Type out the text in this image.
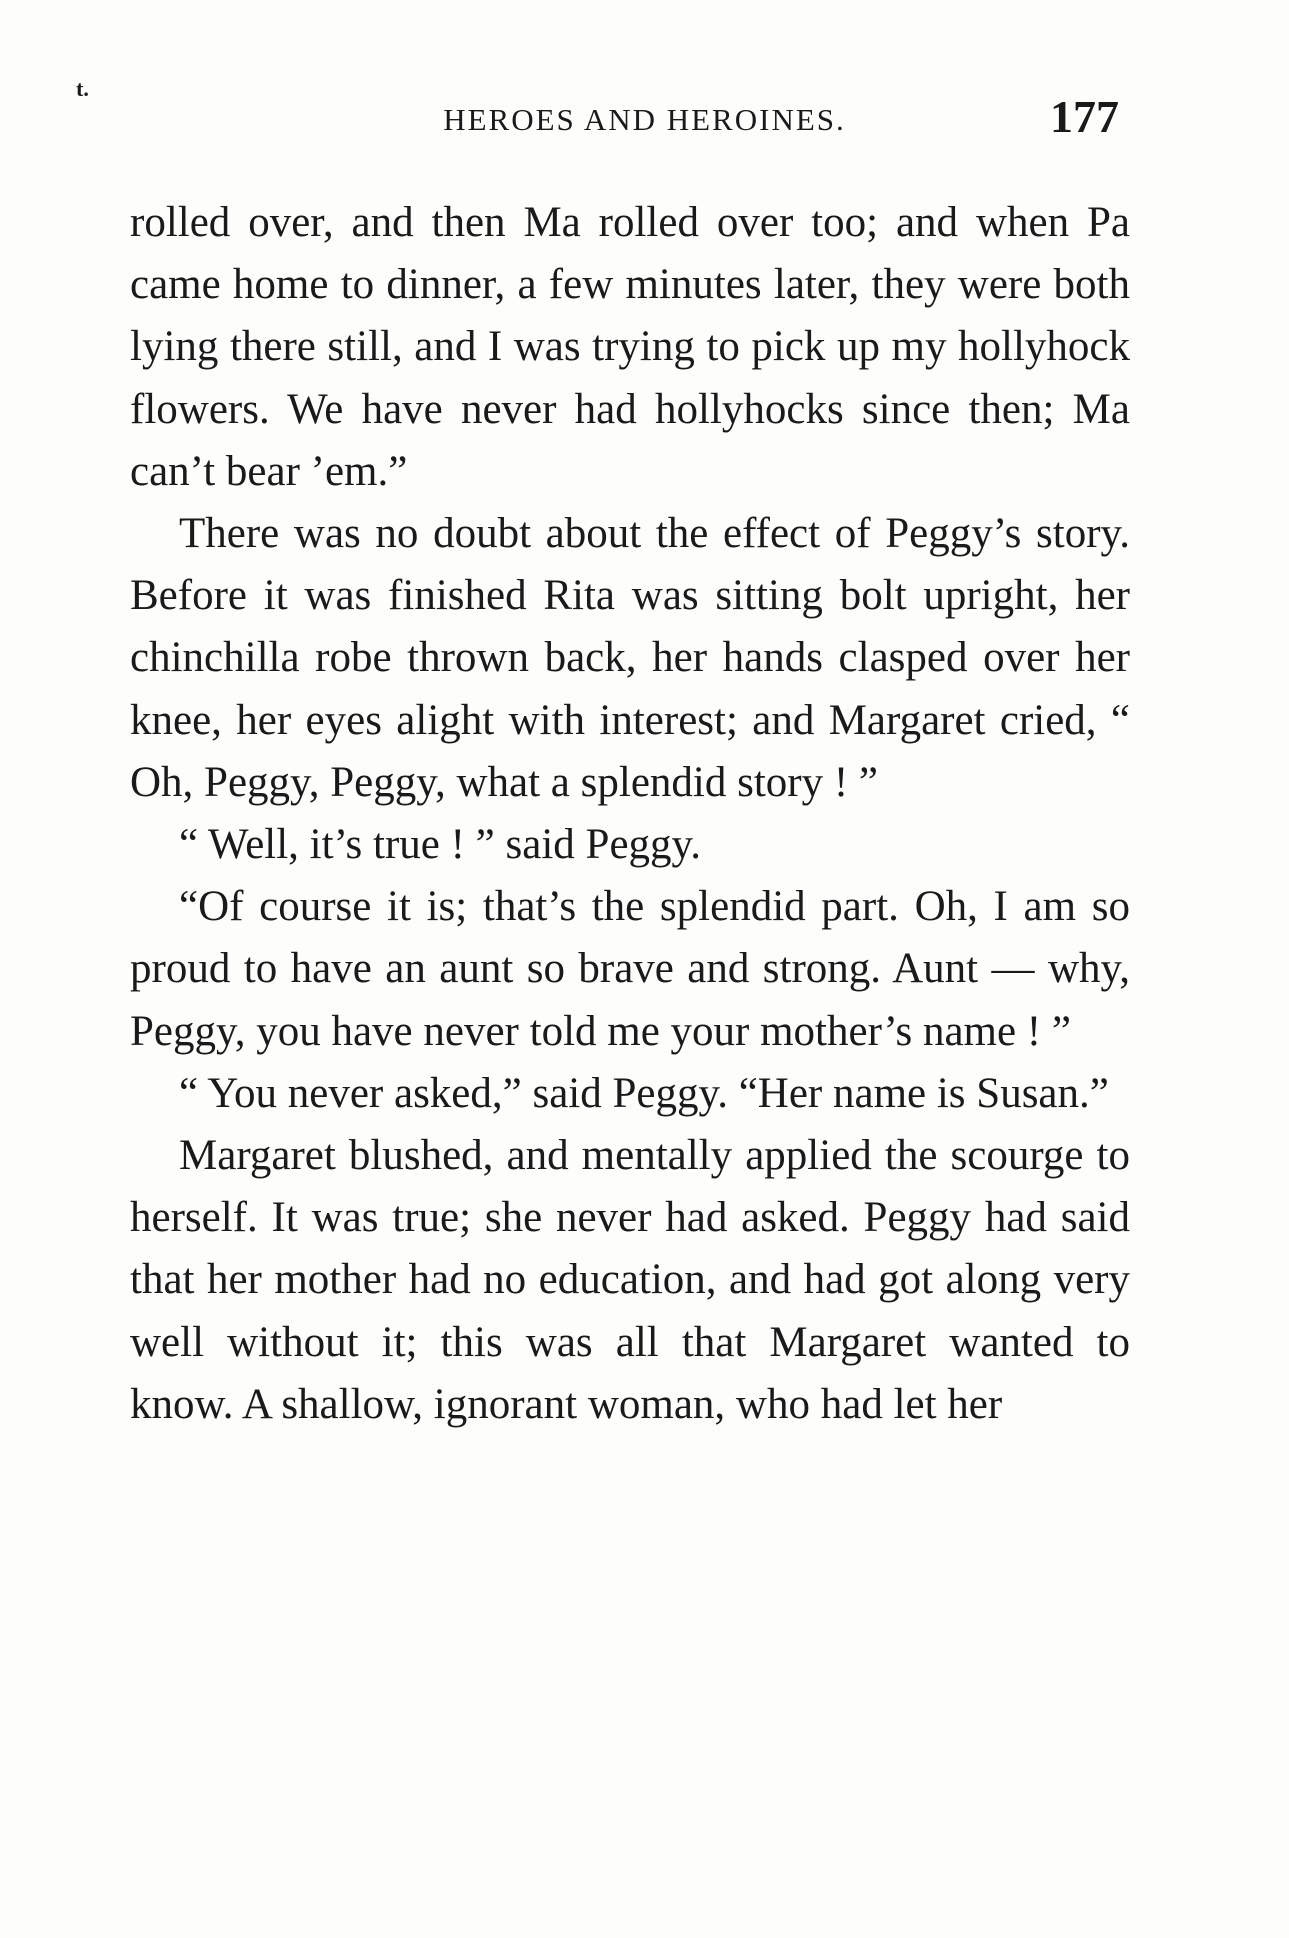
t.
HEROES AND HEROINES.	177

rolled over, and then Ma rolled over too; and when Pa came home to dinner, a few minutes later, they were both lying there still, and I was trying to pick up my hollyhock flowers. We have never had hollyhocks since then; Ma can’t bear ’em.”

There was no doubt about the effect of Peggy’s story. Before it was finished Rita was sitting bolt upright, her chinchilla robe thrown back, her hands clasped over her knee, her eyes alight with interest; and Margaret cried, “ Oh, Peggy, Peggy, what a splendid story ! ”

“ Well, it’s true ! ” said Peggy.

“Of course it is; that’s the splendid part. Oh, I am so proud to have an aunt so brave and strong. Aunt — why, Peggy, you have never told me your mother’s name ! ”

“ You never asked,” said Peggy. “Her name is Susan.”

Margaret blushed, and mentally applied the scourge to herself. It was true; she never had asked. Peggy had said that her mother had no education, and had got along very well without it; this was all that Margaret wanted to know. A shallow, ignorant woman, who had let her
